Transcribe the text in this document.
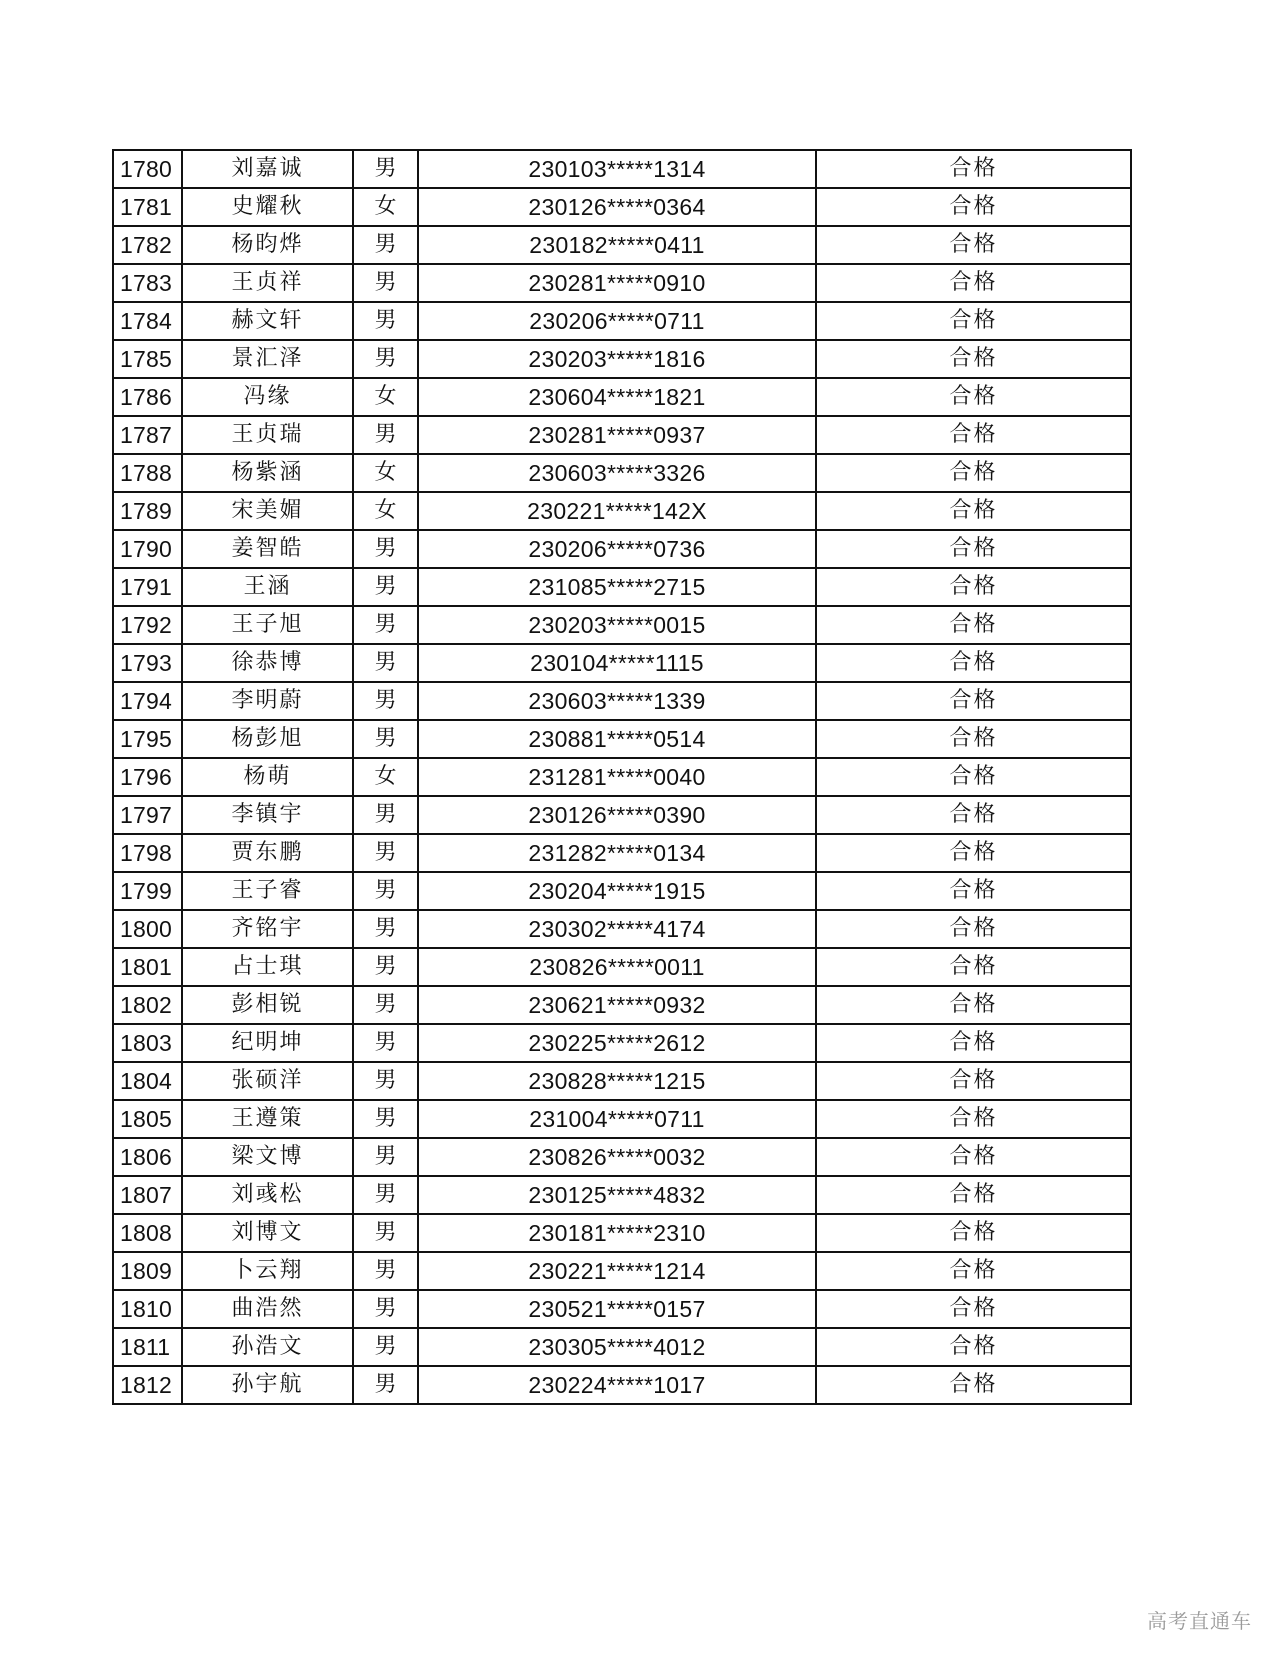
1780	刘嘉诚	男	230103*****1314	合格
1781	史耀秋	女	230126*****0364	合格
1782	杨昀烨	男	230182*****0411	合格
1783	王贞祥	男	230281*****0910	合格
1784	赫文轩	男	230206*****0711	合格
1785	景汇泽	男	230203*****1816	合格
1786	冯缘	女	230604*****1821	合格
1787	王贞瑞	男	230281*****0937	合格
1788	杨紫涵	女	230603*****3326	合格
1789	宋美媚	女	230221*****142X	合格
1790	姜智皓	男	230206*****0736	合格
1791	王涵	男	231085*****2715	合格
1792	王子旭	男	230203*****0015	合格
1793	徐恭博	男	230104*****1115	合格
1794	李明蔚	男	230603*****1339	合格
1795	杨彭旭	男	230881*****0514	合格
1796	杨萌	女	231281*****0040	合格
1797	李镇宇	男	230126*****0390	合格
1798	贾东鹏	男	231282*****0134	合格
1799	王子睿	男	230204*****1915	合格
1800	齐铭宇	男	230302*****4174	合格
1801	占士琪	男	230826*****0011	合格
1802	彭相锐	男	230621*****0932	合格
1803	纪明坤	男	230225*****2612	合格
1804	张硕洋	男	230828*****1215	合格
1805	王遵策	男	231004*****0711	合格
1806	梁文博	男	230826*****0032	合格
1807	刘彧松	男	230125*****4832	合格
1808	刘博文	男	230181*****2310	合格
1809	卜云翔	男	230221*****1214	合格
1810	曲浩然	男	230521*****0157	合格
1811	孙浩文	男	230305*****4012	合格
1812	孙宇航	男	230224*****1017	合格
高考直通车
